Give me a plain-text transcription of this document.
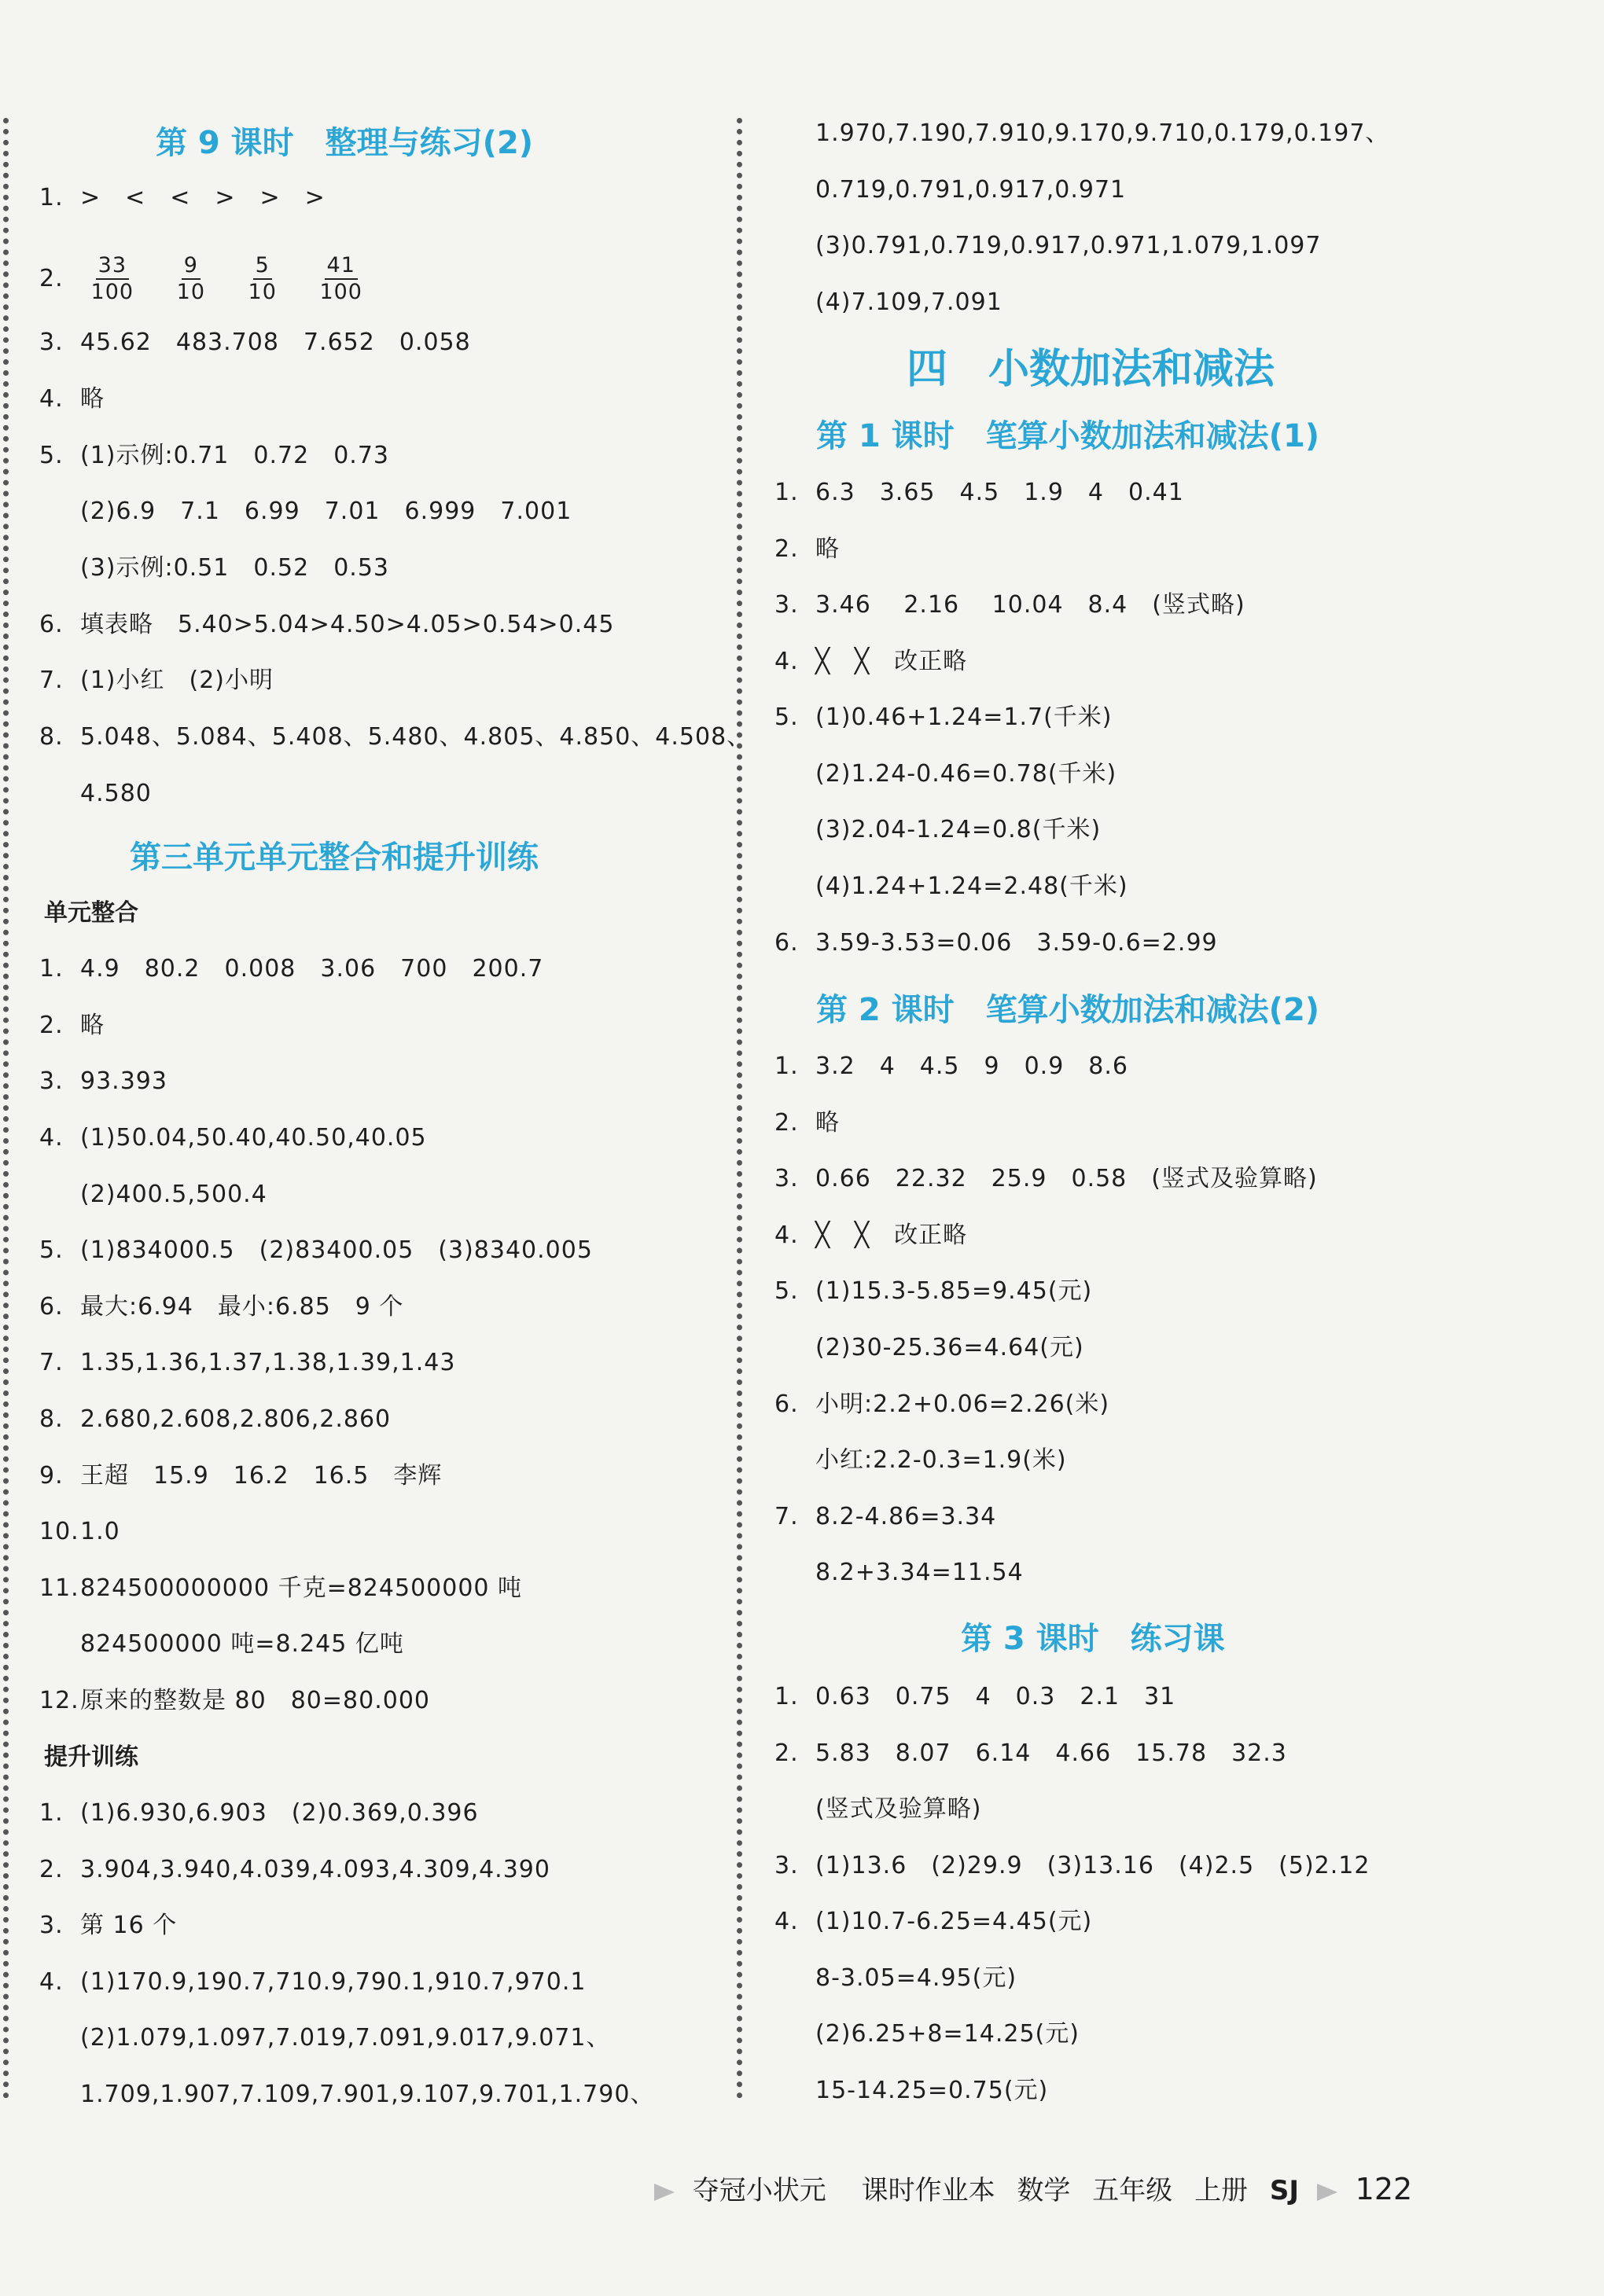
第 9 课时　整理与练习(2)
1. >　<　<　>　>　>
2. $\frac{33}{100}$
$\frac{9}{10}$
$\frac{5}{10}$
$\frac{41}{100}$
3. 45.62　483.708　7.652　0.058
4. 略
5. (1)示例:0.71　0.72　0.73
(2)6.9　7.1　6.99　7.01　6.999　7.001
(3)示例:0.51　0.52　0.53
6. 填表略　5.40>5.04>4.50>4.05>0.54>0.45
7. (1)小红　(2)小明
8. 5.048、5.084、5.408、5.480、4.805、4.850、4.508、
4.580
第三单元单元整合和提升训练
单元整合
1. 4.9　80.2　0.008　3.06　700　200.7
2. 略
3. 93.393
4. (1)50.04,50.40,40.50,40.05
(2)400.5,500.4
5. (1)834000.5　(2)83400.05　(3)8340.005
6. 最大:6.94　最小:6.85　9 个
7. 1.35,1.36,1.37,1.38,1.39,1.43
8. 2.680,2.608,2.806,2.860
9. 王超　15.9　16.2　16.5　李辉
10.1.0
11.824500000000 千克=824500000 吨
824500000 吨=8.245 亿吨
12.原来的整数是 80　80=80.000
提升训练
1. (1)6.930,6.903　(2)0.369,0.396
2. 3.904,3.940,4.039,4.093,4.309,4.390
3. 第 16 个
4. (1)170.9,190.7,710.9,790.1,910.7,970.1
(2)1.079,1.097,7.019,7.091,9.017,9.071、
1.709,1.907,7.109,7.901,9.107,9.701,1.790、
1.970,7.190,7.910,9.170,9.710,0.179,0.197、
0.719,0.791,0.917,0.971
(3)0.791,0.719,0.917,0.971,1.079,1.097
(4)7.109,7.091
四　小数加法和减法
第 1 课时　笔算小数加法和减法(1)
1. 6.3　3.65　4.5　1.9　4　0.41
2. 略
3. 3.46　 2.16　 10.04　8.4　(竖式略)
4. ╳　╳　改正略
5. (1)0.46+1.24=1.7(千米)
(2)1.24-0.46=0.78(千米)
(3)2.04-1.24=0.8(千米)
(4)1.24+1.24=2.48(千米)
6. 3.59-3.53=0.06　3.59-0.6=2.99
第 2 课时　笔算小数加法和减法(2)
1. 3.2　4　4.5　9　0.9　8.6
2. 略
3. 0.66　22.32　25.9　0.58　(竖式及验算略)
4. ╳　╳　改正略
5. (1)15.3-5.85=9.45(元)
(2)30-25.36=4.64(元)
6. 小明:2.2+0.06=2.26(米)
小红:2.2-0.3=1.9(米)
7. 8.2-4.86=3.34
8.2+3.34=11.54
第 3 课时　练习课
1. 0.63　0.75　4　0.3　2.1　31
2. 5.83　8.07　6.14　4.66　15.78　32.3
(竖式及验算略)
3. (1)13.6　(2)29.9　(3)13.16　(4)2.5　(5)2.12
4. (1)10.7-6.25=4.45(元)
8-3.05=4.95(元)
(2)6.25+8=14.25(元)
15-14.25=0.75(元)
夺冠小状元　 课时作业本  数学  五年级  上册  SJ 122
